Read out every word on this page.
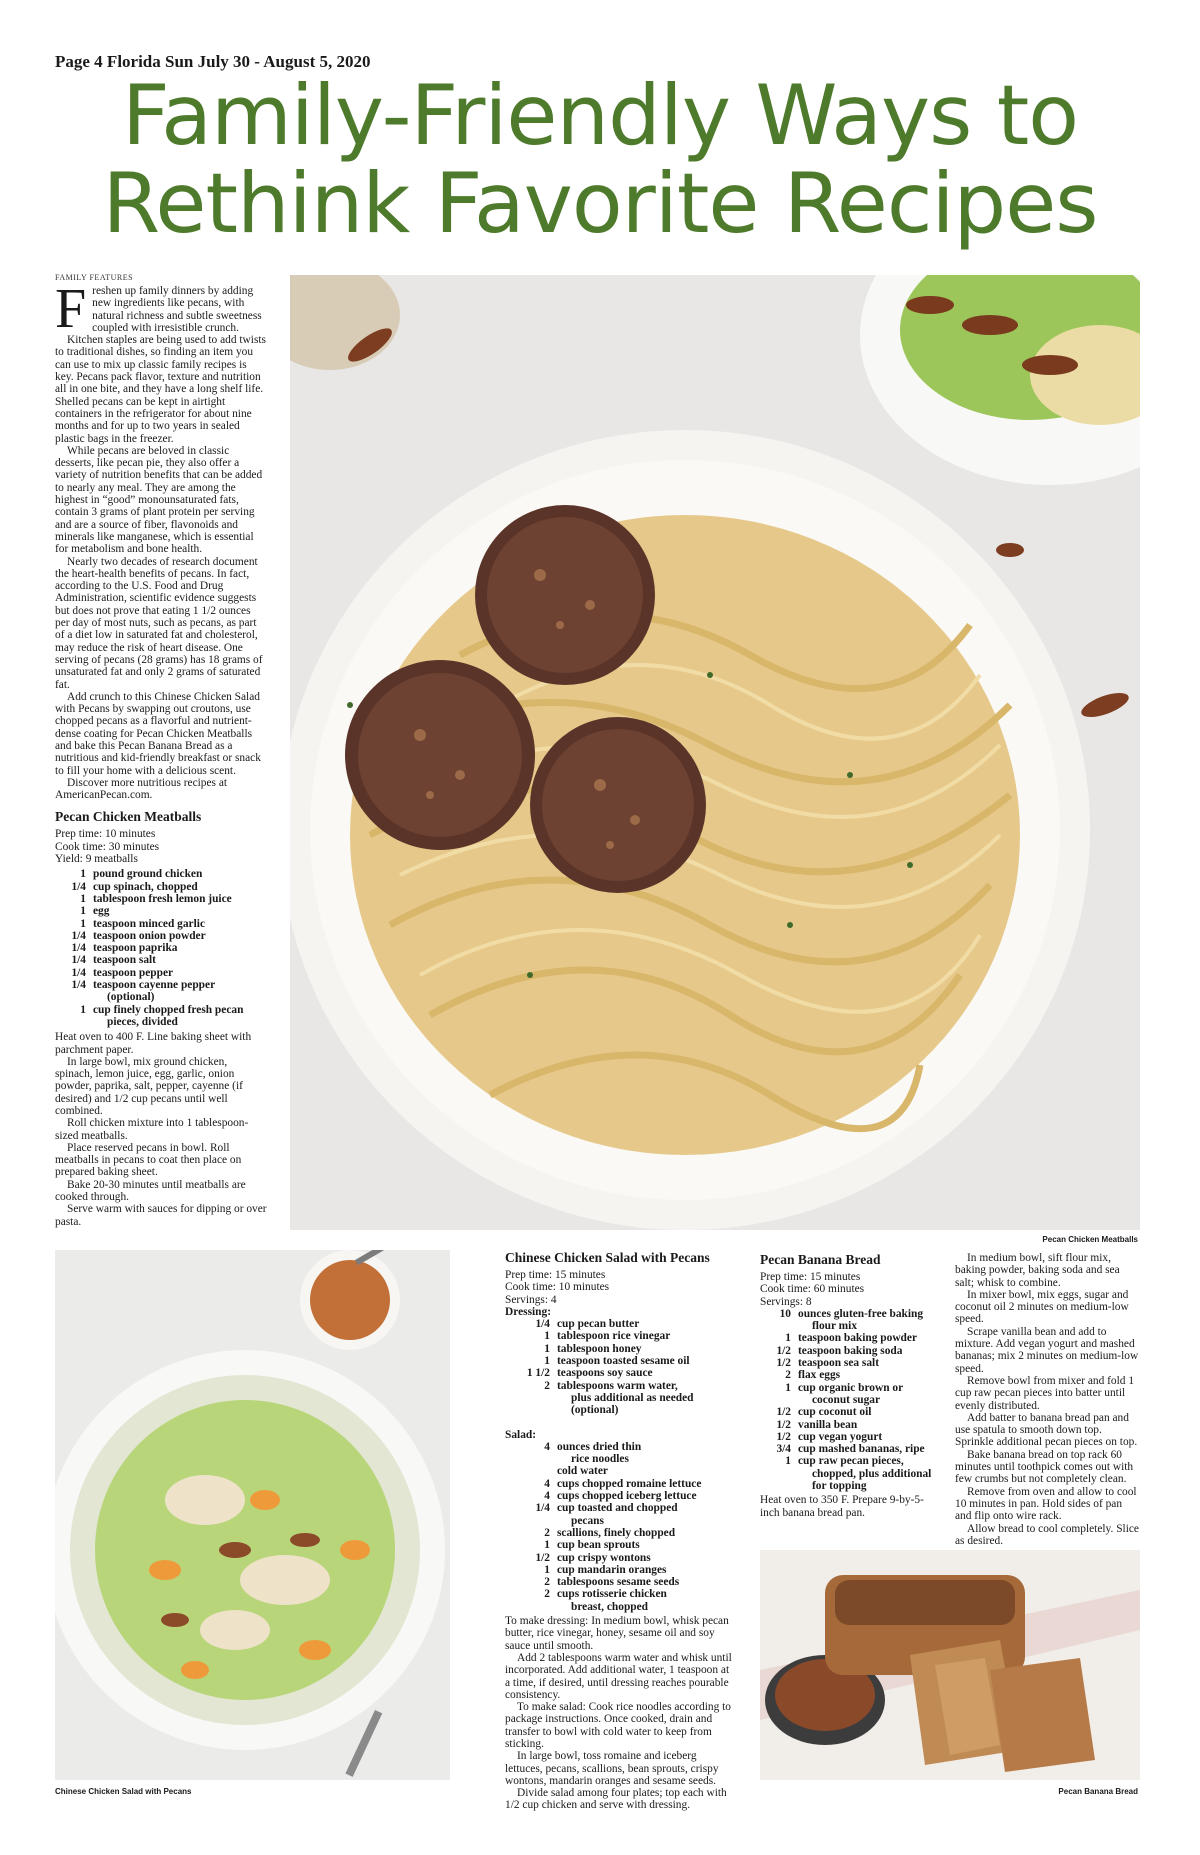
Page 4 Florida Sun July 30 - August 5, 2020
Family-Friendly Ways to
Rethink Favorite Recipes
FAMILY FEATURES

Freshen up family dinners by adding new ingredients like pecans, with natural richness and subtle sweetness coupled with irresistible crunch.

Kitchen staples are being used to add twists to traditional dishes, so finding an item you can use to mix up classic family recipes is key. Pecans pack flavor, texture and nutrition all in one bite, and they have a long shelf life. Shelled pecans can be kept in airtight containers in the refrigerator for about nine months and for up to two years in sealed plastic bags in the freezer.

While pecans are beloved in classic desserts, like pecan pie, they also offer a variety of nutrition benefits that can be added to nearly any meal. They are among the highest in “good” monounsaturated fats, contain 3 grams of plant protein per serving and are a source of fiber, flavonoids and minerals like manganese, which is essential for metabolism and bone health.

Nearly two decades of research document the heart-health benefits of pecans. In fact, according to the U.S. Food and Drug Administration, scientific evidence suggests but does not prove that eating 1 1/2 ounces per day of most nuts, such as pecans, as part of a diet low in saturated fat and cholesterol, may reduce the risk of heart disease. One serving of pecans (28 grams) has 18 grams of unsaturated fat and only 2 grams of saturated fat.

Add crunch to this Chinese Chicken Salad with Pecans by swapping out croutons, use chopped pecans as a flavorful and nutrient-dense coating for Pecan Chicken Meatballs and bake this Pecan Banana Bread as a nutritious and kid-friendly breakfast or snack to fill your home with a delicious scent.

Discover more nutritious recipes at AmericanPecan.com.

Pecan Chicken Meatballs
Prep time: 10 minutes
Cook time: 30 minutes
Yield: 9 meatballs
1 pound ground chicken
1/4 cup spinach, chopped
1 tablespoon fresh lemon juice
1 egg
1 teaspoon minced garlic
1/4 teaspoon onion powder
1/4 teaspoon paprika
1/4 teaspoon salt
1/4 teaspoon pepper
1/4 teaspoon cayenne pepper
(optional)
1 cup finely chopped fresh pecan
pieces, divided

Heat oven to 400 F. Line baking sheet with parchment paper.

In large bowl, mix ground chicken, spinach, lemon juice, egg, garlic, onion powder, paprika, salt, pepper, cayenne (if desired) and 1/2 cup pecans until well combined.

Roll chicken mixture into 1 tablespoon-sized meatballs.

Place reserved pecans in bowl. Roll meatballs in pecans to coat then place on prepared baking sheet.

Bake 20-30 minutes until meatballs are cooked through.

Serve warm with sauces for dipping or over pasta.

Pecan Chicken Meatballs
Chinese Chicken Salad with Pecans
Chinese Chicken Salad with Pecans
Prep time: 15 minutes
Cook time: 10 minutes
Servings: 4
Dressing:
1/4 cup pecan butter
1 tablespoon rice vinegar
1 tablespoon honey
1 teaspoon toasted sesame oil
1 1/2 teaspoons soy sauce
2 tablespoons warm water,
plus additional as needed (optional)
Salad:
4 ounces dried thin
rice noodles
cold water
4 cups chopped romaine lettuce
4 cups chopped iceberg lettuce
1/4 cup toasted and chopped
pecans
2 scallions, finely chopped
1 cup bean sprouts
1/2 cup crispy wontons
1 cup mandarin oranges
2 tablespoons sesame seeds
2 cups rotisserie chicken
breast, chopped

To make dressing: In medium bowl, whisk pecan butter, rice vinegar, honey, sesame oil and soy sauce until smooth.

Add 2 tablespoons warm water and whisk until incorporated. Add additional water, 1 teaspoon at a time, if desired, until dressing reaches pourable consistency.

To make salad: Cook rice noodles according to package instructions. Once cooked, drain and transfer to bowl with cold water to keep from sticking.

In large bowl, toss romaine and iceberg lettuces, pecans, scallions, bean sprouts, crispy wontons, mandarin oranges and sesame seeds.

Divide salad among four plates; top each with 1/2 cup chicken and serve with dressing.

Pecan Banana Bread
Prep time: 15 minutes
Cook time: 60 minutes
Servings: 8
10 ounces gluten-free baking
flour mix
1 teaspoon baking powder
1/2 teaspoon baking soda
1/2 teaspoon sea salt
2 flax eggs
1 cup organic brown or
coconut sugar
1/2 cup coconut oil
1/2 vanilla bean
1/2 cup vegan yogurt
3/4 cup mashed bananas, ripe
1 cup raw pecan pieces,
chopped, plus additional for topping

Heat oven to 350 F. Prepare 9-by-5-inch banana bread pan.

In medium bowl, sift flour mix, baking powder, baking soda and sea salt; whisk to combine.

In mixer bowl, mix eggs, sugar and coconut oil 2 minutes on medium-low speed.

Scrape vanilla bean and add to mixture. Add vegan yogurt and mashed bananas; mix 2 minutes on medium-low speed.

Remove bowl from mixer and fold 1 cup raw pecan pieces into batter until evenly distributed.

Add batter to banana bread pan and use spatula to smooth down top. Sprinkle additional pecan pieces on top.

Bake banana bread on top rack 60 minutes until toothpick comes out with few crumbs but not completely clean.

Remove from oven and allow to cool 10 minutes in pan. Hold sides of pan and flip onto wire rack.

Allow bread to cool completely. Slice as desired.

Pecan Banana Bread
